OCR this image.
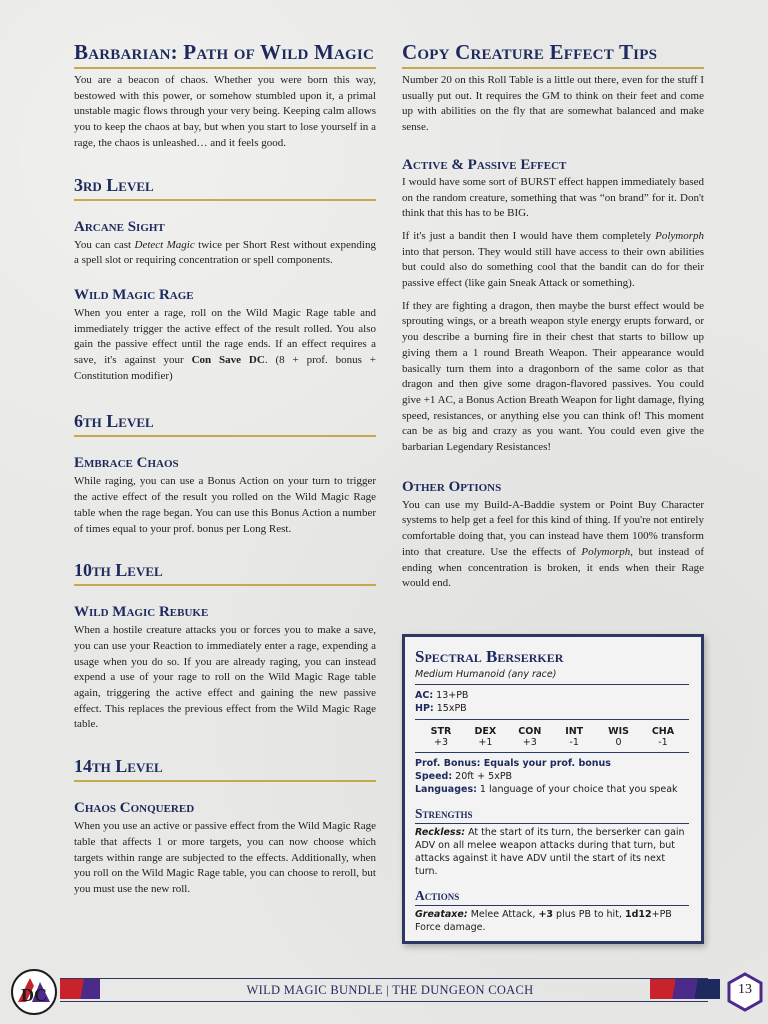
Barbarian: Path of Wild Magic

You are a beacon of chaos. Whether you were born this way, bestowed with this power, or somehow stumbled upon it, a primal unstable magic flows through your very being. Keeping calm allows you to keep the chaos at bay, but when you start to lose yourself in a rage, the chaos is unleashed… and it feels good.

3rd Level
Arcane Sight

You can cast Detect Magic twice per Short Rest without expending a spell slot or requiring concentration or spell components.

Wild Magic Rage

When you enter a rage, roll on the Wild Magic Rage table and immediately trigger the active effect of the result rolled. You also gain the passive effect until the rage ends. If an effect requires a save, it's against your Con Save DC. (8 + prof. bonus + Constitution modifier)

6th Level
Embrace Chaos

While raging, you can use a Bonus Action on your turn to trigger the active effect of the result you rolled on the Wild Magic Rage table when the rage began. You can use this Bonus Action a number of times equal to your prof. bonus per Long Rest.

10th Level
Wild Magic Rebuke

When a hostile creature attacks you or forces you to make a save, you can use your Reaction to immediately enter a rage, expending a usage when you do so. If you are already raging, you can instead expend a use of your rage to roll on the Wild Magic Rage table again, triggering the active effect and gaining the new passive effect. This replaces the previous effect from the Wild Magic Rage table.

14th Level
Chaos Conquered

When you use an active or passive effect from the Wild Magic Rage table that affects 1 or more targets, you can now choose which targets within range are subjected to the effects. Additionally, when you roll on the Wild Magic Rage table, you can choose to reroll, but you must use the new roll.

Copy Creature Effect Tips

Number 20 on this Roll Table is a little out there, even for the stuff I usually put out. It requires the GM to think on their feet and come up with abilities on the fly that are somewhat balanced and make sense.

Active & Passive Effect

I would have some sort of BURST effect happen immediately based on the random creature, something that was “on brand” for it. Don't think that this has to be BIG.

If it's just a bandit then I would have them completely Polymorph into that person. They would still have access to their own abilities but could also do something cool that the bandit can do for their passive effect (like gain Sneak Attack or something).

If they are fighting a dragon, then maybe the burst effect would be sprouting wings, or a breath weapon style energy erupts forward, or you describe a burning fire in their chest that starts to billow up giving them a 1 round Breath Weapon. Their appearance would basically turn them into a dragonborn of the same color as that dragon and then give some dragon-flavored passives. You could give +1 AC, a Bonus Action Breath Weapon for light damage, flying speed, resistances, or anything else you can think of! This moment can be as big and crazy as you want. You could even give the barbarian Legendary Resistances!

Other Options

You can use my Build-A-Baddie system or Point Buy Character systems to help get a feel for this kind of thing. If you're not entirely comfortable doing that, you can instead have them 100% transform into that creature. Use the effects of Polymorph, but instead of ending when concentration is broken, it ends when their Rage would end.

Spectral Berserker
Medium Humanoid (any race)
AC: 13+PB
HP: 15xPB
STR
+3
DEX
+1
CON
+3
INT
-1
WIS
0
CHA
-1
Prof. Bonus: Equals your prof. bonus
Speed: 20ft + 5xPB
Languages: 1 language of your choice that you speak
Strengths
Reckless: At the start of its turn, the berserker can gain ADV on all melee weapon attacks during that turn, but attacks against it have ADV until the start of its next turn.
Actions
Greataxe: Melee Attack, +3 plus PB to hit, 1d12+PB Force damage.
WILD MAGIC BUNDLE | THE DUNGEON COACH
DC	13
